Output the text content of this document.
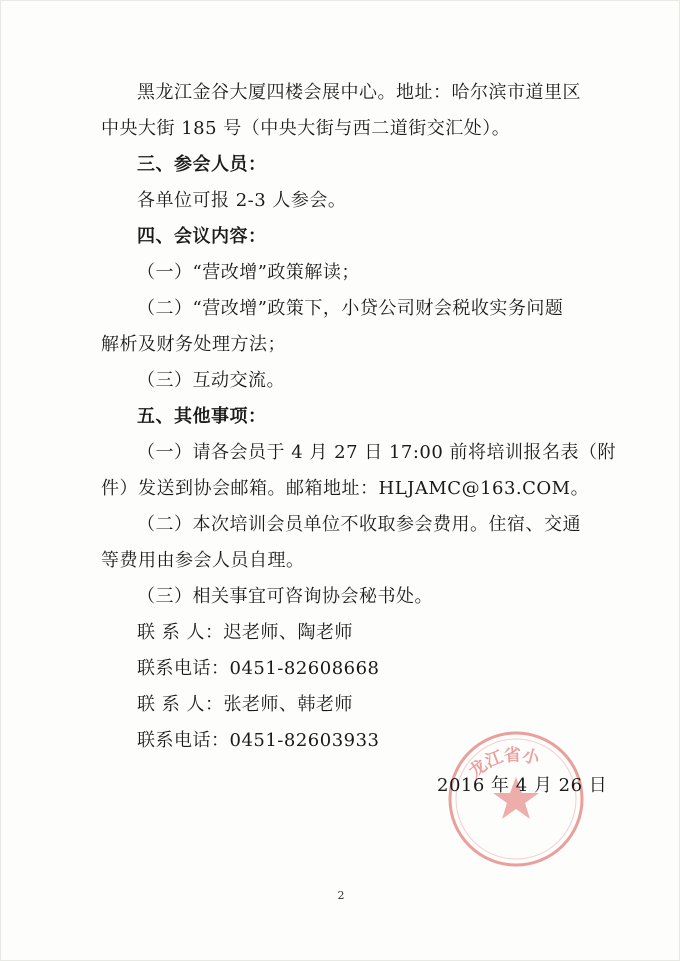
黑龙江金谷大厦四楼会展中心。地址：哈尔滨市道里区
中央大街 185 号（中央大街与西二道街交汇处）。
三、参会人员：
各单位可报 2-3 人参会。
四、会议内容：
（一）“营改增”政策解读；
（二）“营改增”政策下，小贷公司财会税收实务问题
解析及财务处理方法；
（三）互动交流。
五、其他事项：
（一）请各会员于 4 月 27 日 17:00 前将培训报名表（附
件）发送到协会邮箱。邮箱地址：HLJAMC@163.COM。
（二）本次培训会员单位不收取参会费用。住宿、交通
等费用由参会人员自理。
（三）相关事宜可咨询协会秘书处。
联 系 人：迟老师、陶老师
联系电话：0451-82608668
联 系 人：张老师、韩老师
联系电话：0451-82603933
龙江省小
2016 年 4 月 26 日
2
